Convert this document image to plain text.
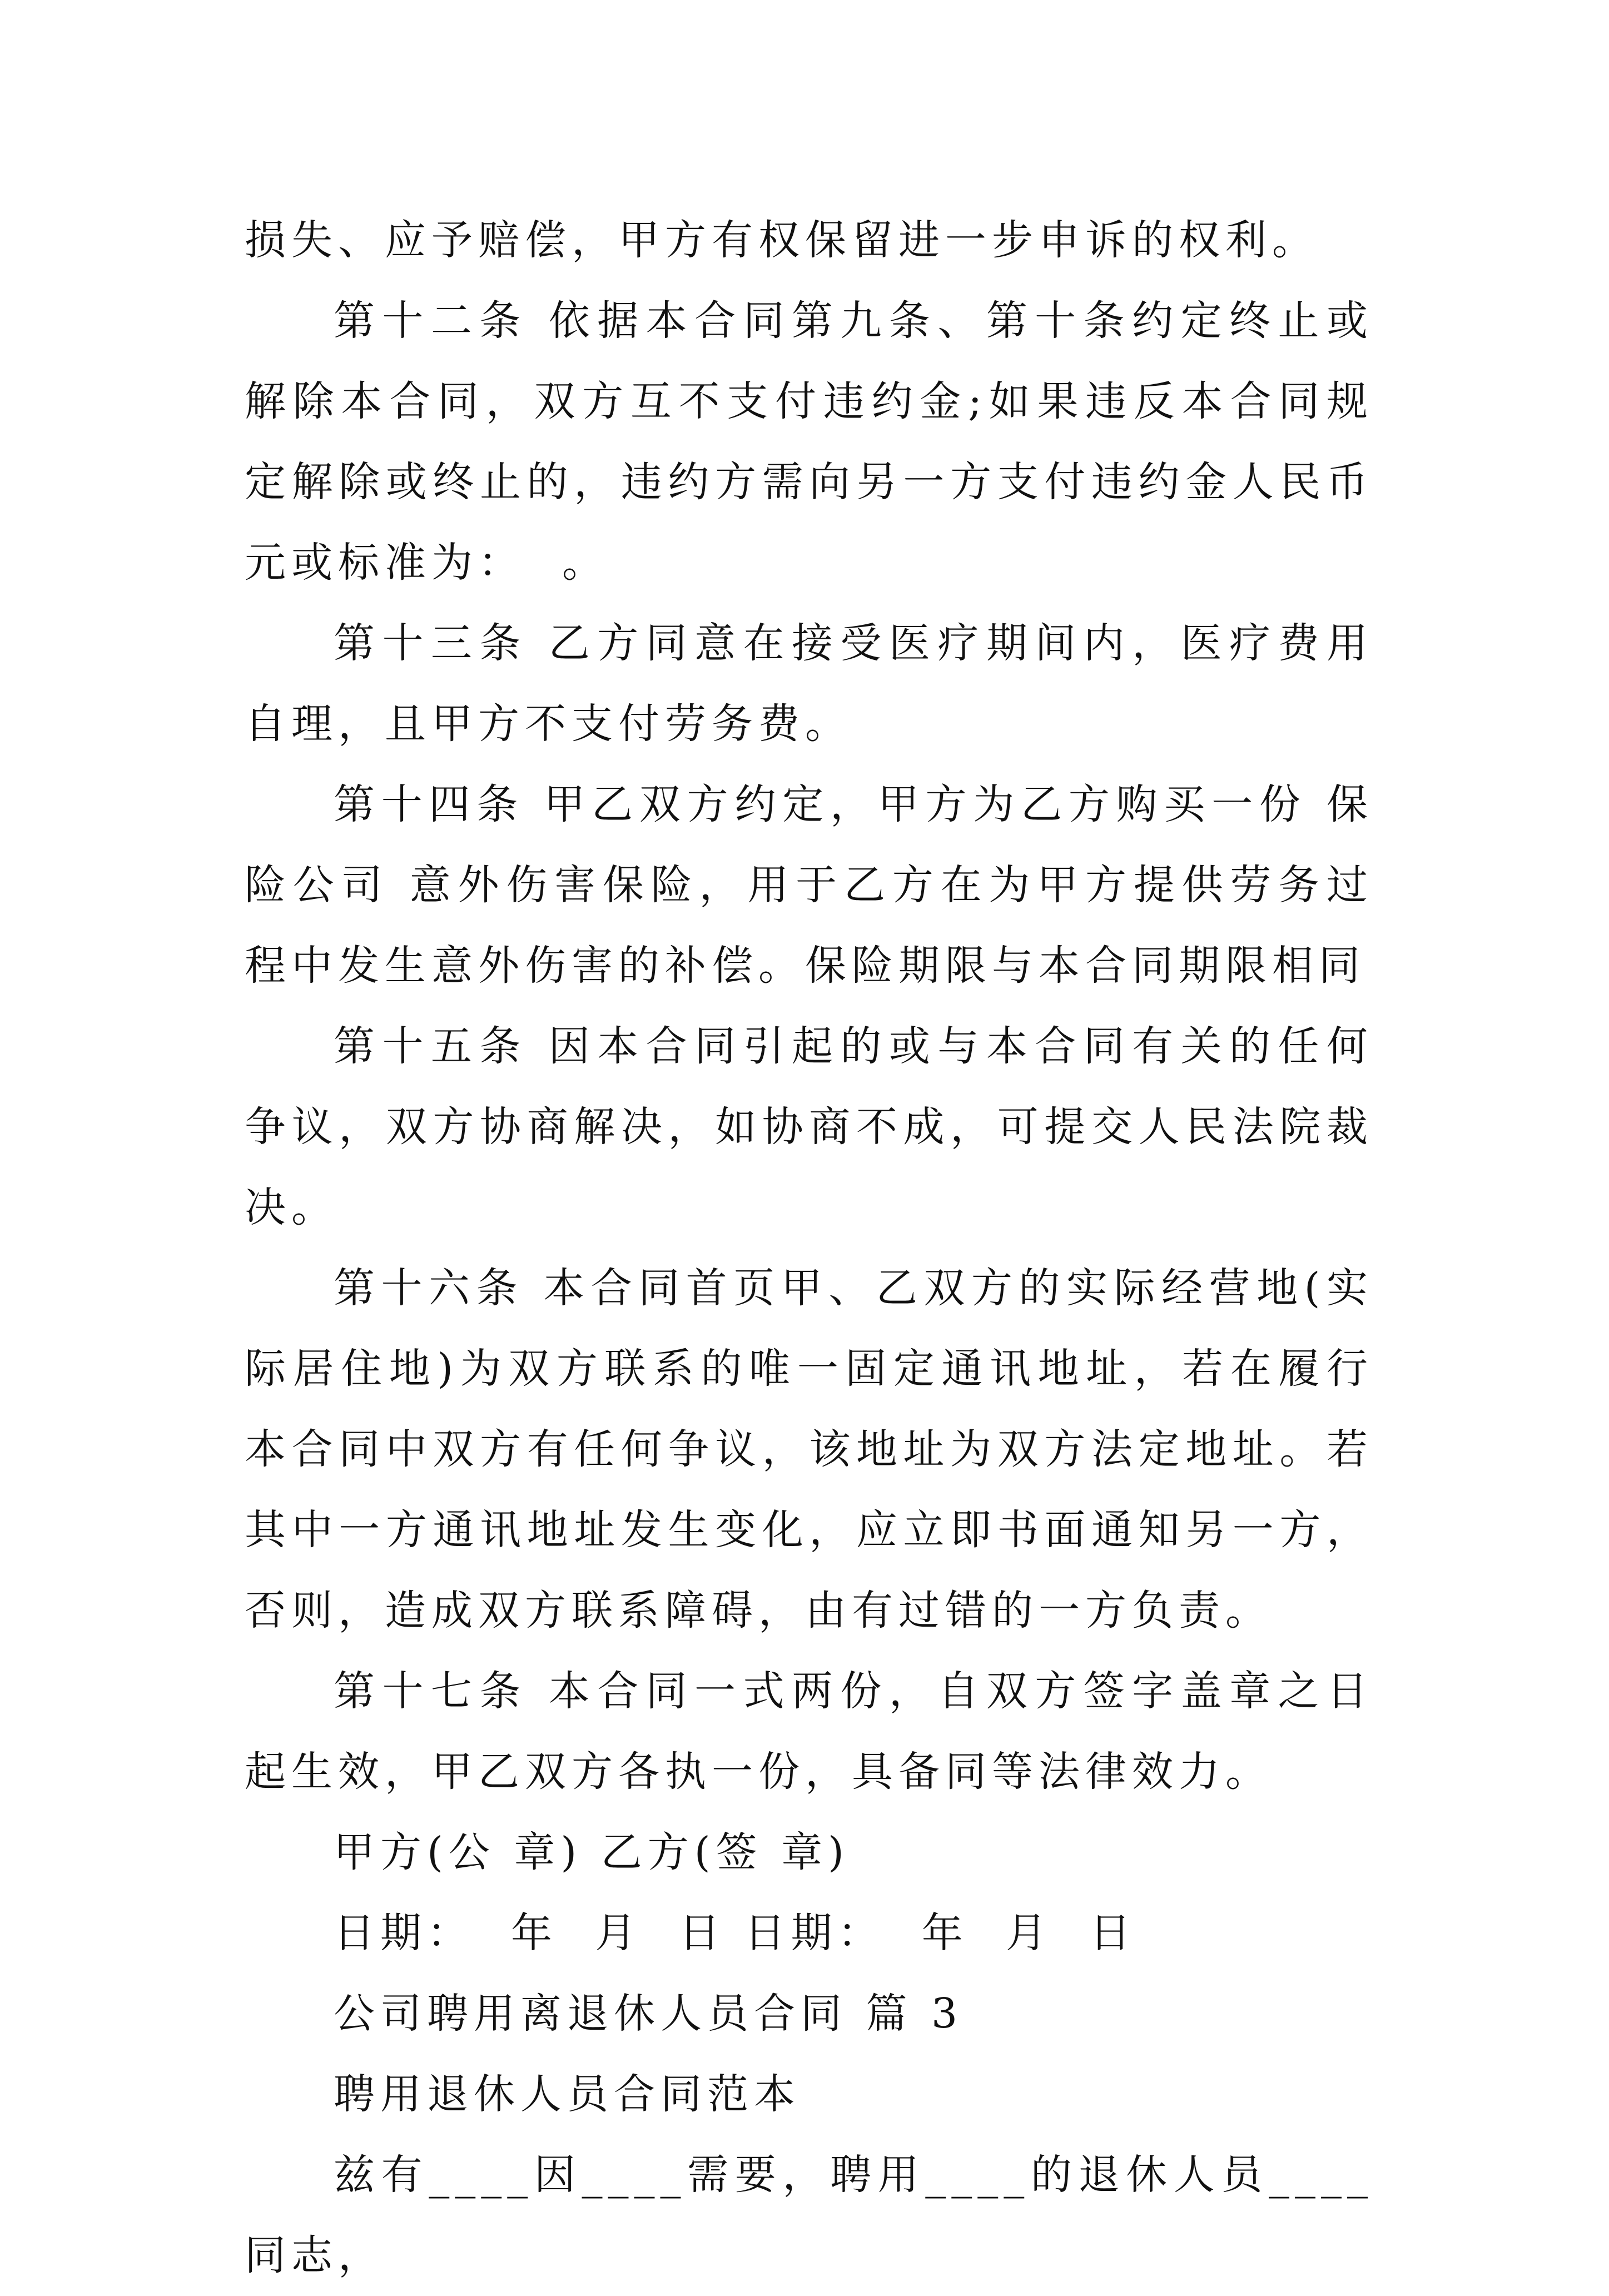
损失、应予赔偿，甲方有权保留进一步申诉的权利。

第十二条 依据本合同第九条、第十条约定终止或解除本合同，双方互不支付违约金;如果违反本合同规定解除或终止的，违约方需向另一方支付违约金人民币  元或标准为：  。

第十三条 乙方同意在接受医疗期间内，医疗费用自理，且甲方不支付劳务费。

第十四条 甲乙双方约定，甲方为乙方购买一份 保险公司 意外伤害保险，用于乙方在为甲方提供劳务过程中发生意外伤害的补偿。保险期限与本合同期限相同

第十五条 因本合同引起的或与本合同有关的任何争议，双方协商解决，如协商不成，可提交人民法院裁决。

第十六条 本合同首页甲、乙双方的实际经营地(实际居住地)为双方联系的唯一固定通讯地址，若在履行本合同中双方有任何争议，该地址为双方法定地址。若其中一方通讯地址发生变化，应立即书面通知另一方，否则，造成双方联系障碍，由有过错的一方负责。

第十七条 本合同一式两份，自双方签字盖章之日起生效，甲乙双方各执一份，具备同等法律效力。

甲方(公 章) 乙方(签 章)

日期：  年  月  日 日期：  年  月  日

公司聘用离退休人员合同 篇 3

聘用退休人员合同范本

兹有____因____需要，聘用____的退休人员____同志，
